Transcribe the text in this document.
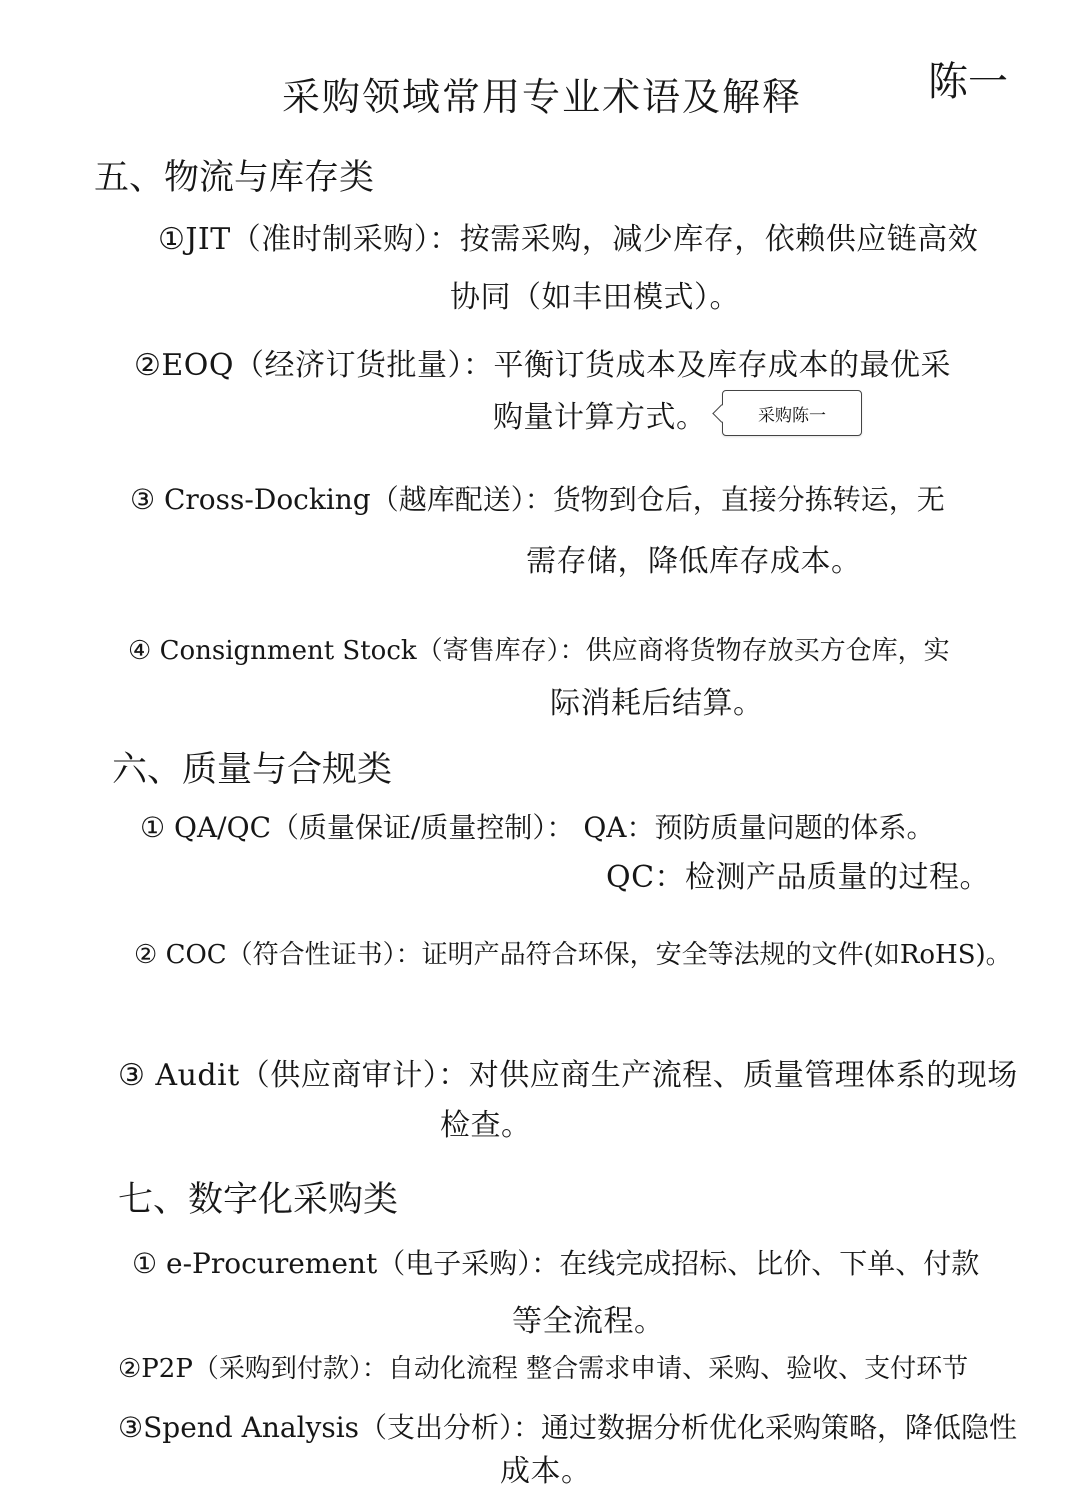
采购领域常用专业术语及解释	陈一
五、物流与库存类
①JIT（准时制采购）：按需采购，减少库存，依赖供应链高效
协同（如丰田模式）。
②EOQ（经济订货批量）：平衡订货成本及库存成本的最优采
购量计算方式。	采购陈一
③ Cross-Docking（越库配送）：货物到仓后，直接分拣转运，无
需存储，降低库存成本。
④ Consignment Stock（寄售库存）：供应商将货物存放买方仓库，实
际消耗后结算。
六、质量与合规类
① QA/QC（质量保证/质量控制）： QA：预防质量问题的体系。
QC：检测产品质量的过程。
② COC（符合性证书）：证明产品符合环保，安全等法规的文件(如RoHS)。
③ Audit（供应商审计）：对供应商生产流程、质量管理体系的现场
检查。
七、数字化采购类
① e-Procurement（电子采购）：在线完成招标、比价、下单、付款
等全流程。
②P2P（采购到付款）：自动化流程 整合需求申请、采购、验收、支付环节
③Spend Analysis（支出分析）：通过数据分析优化采购策略，降低隐性
成本。
